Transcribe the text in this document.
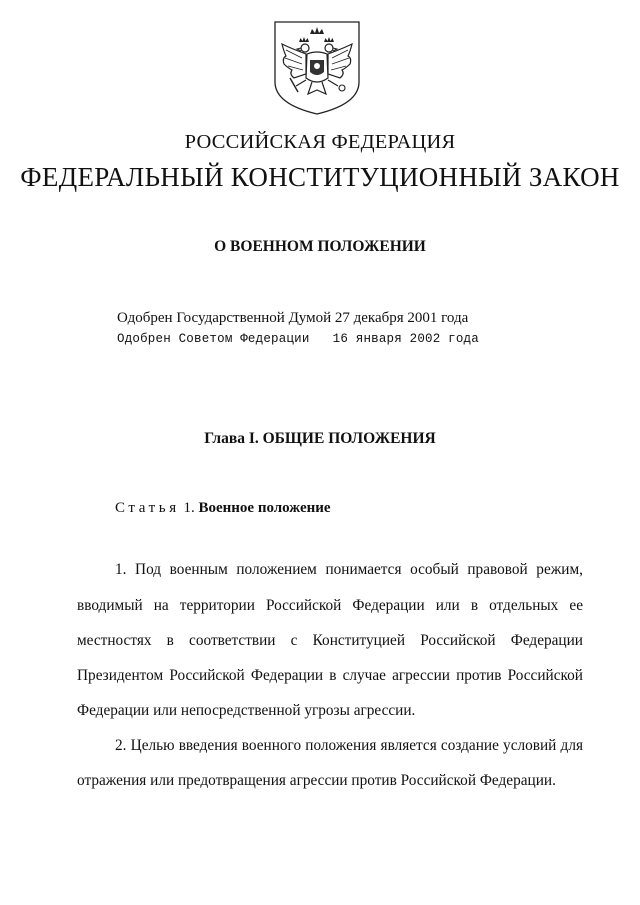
РОССИЙСКАЯ ФЕДЕРАЦИЯ
ФЕДЕРАЛЬНЫЙ КОНСТИТУЦИОННЫЙ ЗАКОН
О ВОЕННОМ ПОЛОЖЕНИИ
Одобрен Государственной Думой 27 декабря 2001 года
Одобрен Советом Федерации 16 января 2002 года
Глава I. ОБЩИЕ ПОЛОЖЕНИЯ
Статья 1. Военное положение
1. Под военным положением понимается особый правовой режим,
вводимый на территории Российской Федерации или в отдельных ее
местностях в соответствии с Конституцией Российской Федерации
Президентом Российской Федерации в случае агрессии против Российской
Федерации или непосредственной угрозы агрессии.
2. Целью введения военного положения является создание условий для
отражения или предотвращения агрессии против Российской Федерации.
